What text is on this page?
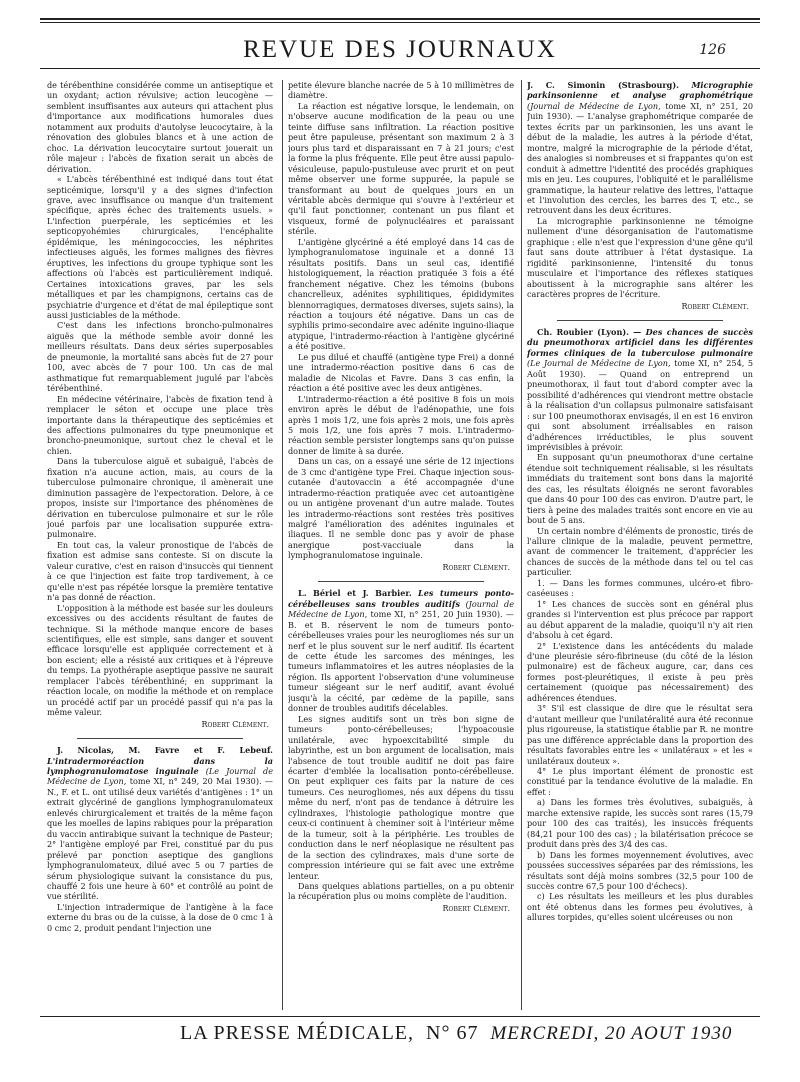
REVUE DES JOURNAUX	126

de térébenthine considérée comme un antiseptique et un oxydant; action révulsive; action leucogène — semblent insuffisantes aux auteurs qui attachent plus d'importance aux modifications humorales dues notamment aux produits d'autolyse leucocytaire, à la rénovation des globules blancs et à une action de choc. La dérivation leucocytaire surtout jouerait un rôle majeur : l'abcès de fixation serait un abcès de dérivation.

« L'abcès térébenthiné est indiqué dans tout état septicémique, lorsqu'il y a des signes d'infection grave, avec insuffisance ou manque d'un traitement spécifique, après échec des traitements usuels. » L'infection puerpérale, les septicémies et les septicopyohémies chirurgicales, l'encéphalite épidémique, les méningococcies, les néphrites infectieuses aiguës, les formes malignes des fièvres éruptives, les infections du groupe typhique sont les affections où l'abcès est particulièrement indiqué. Certaines intoxications graves, par les sels métalliques et par les champignons, certains cas de psychiatrie d'urgence et d'état de mal épileptique sont aussi justiciables de la méthode.

C'est dans les infections broncho-pulmonaires aiguës que la méthode semble avoir donné les meilleurs résultats. Dans deux séries superposables de pneumonie, la mortalité sans abcès fut de 27 pour 100, avec abcès de 7 pour 100. Un cas de mal asthmatique fut remarquablement jugulé par l'abcès térébenthiné.

En médecine vétérinaire, l'abcès de fixation tend à remplacer le séton et occupe une place très importante dans la thérapeutique des septicémies et des affections pulmonaires du type pneumonique et broncho-pneumonique, surtout chez le cheval et le chien.

Dans la tuberculose aiguë et subaiguë, l'abcès de fixation n'a aucune action, mais, au cours de la tuberculose pulmonaire chronique, il amènerait une diminution passagère de l'expectoration. Delore, à ce propos, insiste sur l'importance des phénomènes de dérivation en tuberculose pulmonaire et sur le rôle joué parfois par une localisation suppurée extra-pulmonaire.

En tout cas, la valeur pronostique de l'abcès de fixation est admise sans conteste. Si on discute la valeur curative, c'est en raison d'insuccès qui tiennent à ce que l'injection est faite trop tardivement, à ce qu'elle n'est pas répétée lorsque la première tentative n'a pas donné de réaction.

L'opposition à la méthode est basée sur les douleurs excessives ou des accidents résultant de fautes de technique. Si la méthode manque encore de bases scientifiques, elle est simple, sans danger et souvent efficace lorsqu'elle est appliquée correctement et à bon escient; elle a résisté aux critiques et à l'épreuve du temps. La pyothérapie aseptique passive ne saurait remplacer l'abcès térébenthiné; en supprimant la réaction locale, on modifie la méthode et on remplace un procédé actif par un procédé passif qui n'a pas la même valeur.

Robert Clément.

J. Nicolas, M. Favre et F. Lebeuf. L'intradermoréaction dans la lymphogranulomatose inguinale (Le Journal de Médecine de Lyon, tome XI, n° 249, 20 Mai 1930). — N., F. et L. ont utilisé deux variétés d'antigènes : 1° un extrait glycériné de ganglions lymphogranulomateux enlevés chirurgicalement et traités de la même façon que les moelles de lapins rabiques pour la préparation du vaccin antirabique suivant la technique de Pasteur; 2° l'antigène employé par Frei, constitué par du pus prélevé par ponction aseptique des ganglions lymphogranulomateux, dilué avec 5 ou 7 parties de sérum physiologique suivant la consistance du pus, chauffé 2 fois une heure à 60° et contrôlé au point de vue stérilité.

L'injection intradermique de l'antigène à la face externe du bras ou de la cuisse, à la dose de 0 cmc 1 à 0 cmc 2, produit pendant l'injection une

petite élevure blanche nacrée de 5 à 10 millimètres de diamètre.

La réaction est négative lorsque, le lendemain, on n'observe aucune modification de la peau ou une teinte diffuse sans infiltration. La réaction positive peut être papuleuse, présentant son maximum 2 à 3 jours plus tard et disparaissant en 7 à 21 jours; c'est la forme la plus fréquente. Elle peut être aussi papulo-vésiculeuse, papulo-pustuleuse avec prurit et on peut même observer une forme suppurée, la papule se transformant au bout de quelques jours en un véritable abcès dermique qui s'ouvre à l'extérieur et qu'il faut ponctionner, contenant un pus filant et visqueux, formé de polynucléaires et paraissant stérile.

L'antigène glycériné a été employé dans 14 cas de lymphogranulomatose inguinale et a donné 13 résultats positifs. Dans un seul cas, identifié histologiquement, la réaction pratiquée 3 fois a été franchement négative. Chez les témoins (bubons chancrelleux, adénites syphilitiques, épididymites blennorragiques, dermatoses diverses, sujets sains), la réaction a toujours été négative. Dans un cas de syphilis primo-secondaire avec adénite inguino-iliaque atypique, l'intradermo-réaction à l'antigène glycériné a été positive.

Le pus dilué et chauffé (antigène type Frei) a donné une intradermo-réaction positive dans 6 cas de maladie de Nicolas et Favre. Dans 3 cas enfin, la réaction a été positive avec les deux antigènes.

L'intradermo-réaction a été positive 8 fois un mois environ après le début de l'adénopathie, une fois après 1 mois 1/2, une fois après 2 mois, une fois après 5 mois 1/2, une fois après 7 mois. L'intradermo-réaction semble persister longtemps sans qu'on puisse donner de limite à sa durée.

Dans un cas, on a essayé une série de 12 injections de 3 cmc d'antigène type Frei. Chaque injection sous-cutanée d'autovaccin a été accompagnée d'une intradermo-réaction pratiquée avec cet autoantigène ou un antigène provenant d'un autre malade. Toutes les intradermo-réactions sont restées très positives malgré l'amélioration des adénites inguinales et iliaques. Il ne semble donc pas y avoir de phase anergique post-vacciuale dans la lymphogranulomatose inguinale.

Robert Clément.

L. Bériel et J. Barbier. Les tumeurs ponto-cérébelleuses sans troubles auditifs (Journal de Médecine de Lyon, tome XI, n° 251, 20 Juin 1930). — B. et B. réservent le nom de tumeurs ponto-cérébelleuses vraies pour les neurogliomes nés sur un nerf et le plus souvent sur le nerf auditif. Ils écartent de cette étude les sarcomes des méninges, les tumeurs inflammatoires et les autres néoplasies de la région. Ils apportent l'observation d'une volumineuse tumeur siégeant sur le nerf auditif, avant évolué jusqu'à la cécité, par œdème de la papille, sans donner de troubles auditifs décelables.

Les signes auditifs sont un très bon signe de tumeurs ponto-cérébelleuses; l'hypoacousie unilatérale, avec hypoexcitabilité simple du labyrinthe, est un bon argument de localisation, mais l'absence de tout trouble auditif ne doit pas faire écarter d'emblée la localisation ponto-cérébelleuse. On peut expliquer ces faits par la nature de ces tumeurs. Ces neurogliomes, nés aux dépens du tissu même du nerf, n'ont pas de tendance à détruire les cylindraxes, l'histologie pathologique montre que ceux-ci continuent à cheminer soit à l'intérieur même de la tumeur, soit à la périphérie. Les troubles de conduction dans le nerf néoplasique ne résultent pas de la section des cylindraxes, mais d'une sorte de compression intérieure qui se fait avec une extrême lenteur.

Dans quelques ablations partielles, on a pu obtenir la récupération plus ou moins complète de l'audition.

Robert Clément.

J. C. Simonin (Strasbourg). Micrographie parkinsonienne et analyse graphométrique (Journal de Médecine de Lyon, tome XI, n° 251, 20 Juin 1930). — L'analyse graphométrique comparée de textes écrits par un parkinsonien, les uns avant le début de la maladie, les autres à la période d'état, montre, malgré la micrographie de la période d'état, des analogies si nombreuses et si frappantes qu'on est conduit à admettre l'identité des procédés graphiques mis en jeu. Les coupures, l'obliquité et le parallélisme grammatique, la hauteur relative des lettres, l'attaque et l'involution des cercles, les barres des T, etc., se retrouvent dans les deux écritures.

La micrographie parkinsonienne ne témoigne nullement d'une désorganisation de l'automatisme graphique : elle n'est que l'expression d'une gêne qu'il faut sans doute attribuer à l'état dystasique. La rigidité parkinsonienne, l'intensité du tonus musculaire et l'importance des réflexes statiques aboutissent à la micrographie sans altérer les caractères propres de l'écriture.

Robert Clément.

Ch. Roubier (Lyon). — Des chances de succès du pneumothorax artificiel dans les différentes formes cliniques de la tuberculose pulmonaire (Le Journal de Médecine de Lyon, tome XI, n° 254, 5 Août 1930). — Quand on entreprend un pneumothorax, il faut tout d'abord compter avec la possibilité d'adhérences qui viendront mettre obstacle à la réalisation d'un collapsus pulmonaire satisfaisant : sur 100 pneumothorax envisagés, il en est 16 environ qui sont absolument irréalisables en raison d'adhérences irréductibles, le plus souvent imprévisibles à prévoir.

En supposant qu'un pneumothorax d'une certaine étendue soit techniquement réalisable, si les résultats immédiats du traitement sont bons dans la majorité des cas, les résultats éloignés ne seront favorables que dans 40 pour 100 des cas environ. D'autre part, le tiers à peine des malades traités sont encore en vie au bout de 5 ans.

Un certain nombre d'éléments de pronostic, tirés de l'allure clinique de la maladie, peuvent permettre, avant de commencer le traitement, d'apprécier les chances de succès de la méthode dans tel ou tel cas particulier.

1. — Dans les formes communes, ulcéro-et fibro-caséeuses :

1° Les chances de succès sont en général plus grandes si l'intervention est plus précoce par rapport au début apparent de la maladie, quoiqu'il n'y ait rien d'absolu à cet égard.

2° L'existence dans les antécédents du malade d'une pleurésie séro-fibrineuse (du côté de la lésion pulmonaire) est de fâcheux augure, car, dans ces formes post-pleurétiques, il existe à peu près certainement (quoique pas nécessairement) des adhérences étendues.

3° S'il est classique de dire que le résultat sera d'autant meilleur que l'unilatéralité aura été reconnue plus rigoureuse, la statistique établie par R. ne montre pas une différence appréciable dans la proportion des résultats favorables entre les « unilatéraux » et les « unilatéraux douteux ».

4° Le plus important élément de pronostic est constitué par la tendance évolutive de la maladie. En effet :

a) Dans les formes très évolutives, subaiguës, à marche extensive rapide, les succès sont rares (15,79 pour 100 des cas traités), les insuccès fréquents (84,21 pour 100 des cas) ; la bilatérisation précoce se produit dans près des 3/4 des cas.

b) Dans les formes moyennement évolutives, avec poussées successives séparées par des rémissions, les résultats sont déjà moins sombres (32,5 pour 100 de succès contre 67,5 pour 100 d'échecs).

c) Les résultats les meilleurs et les plus durables ont été obtenus dans les formes peu évolutives, à allures torpides, qu'elles soient ulcéreuses ou non

LA PRESSE MÉDICALE, N° 67 MERCREDI, 20 AOUT 1930
